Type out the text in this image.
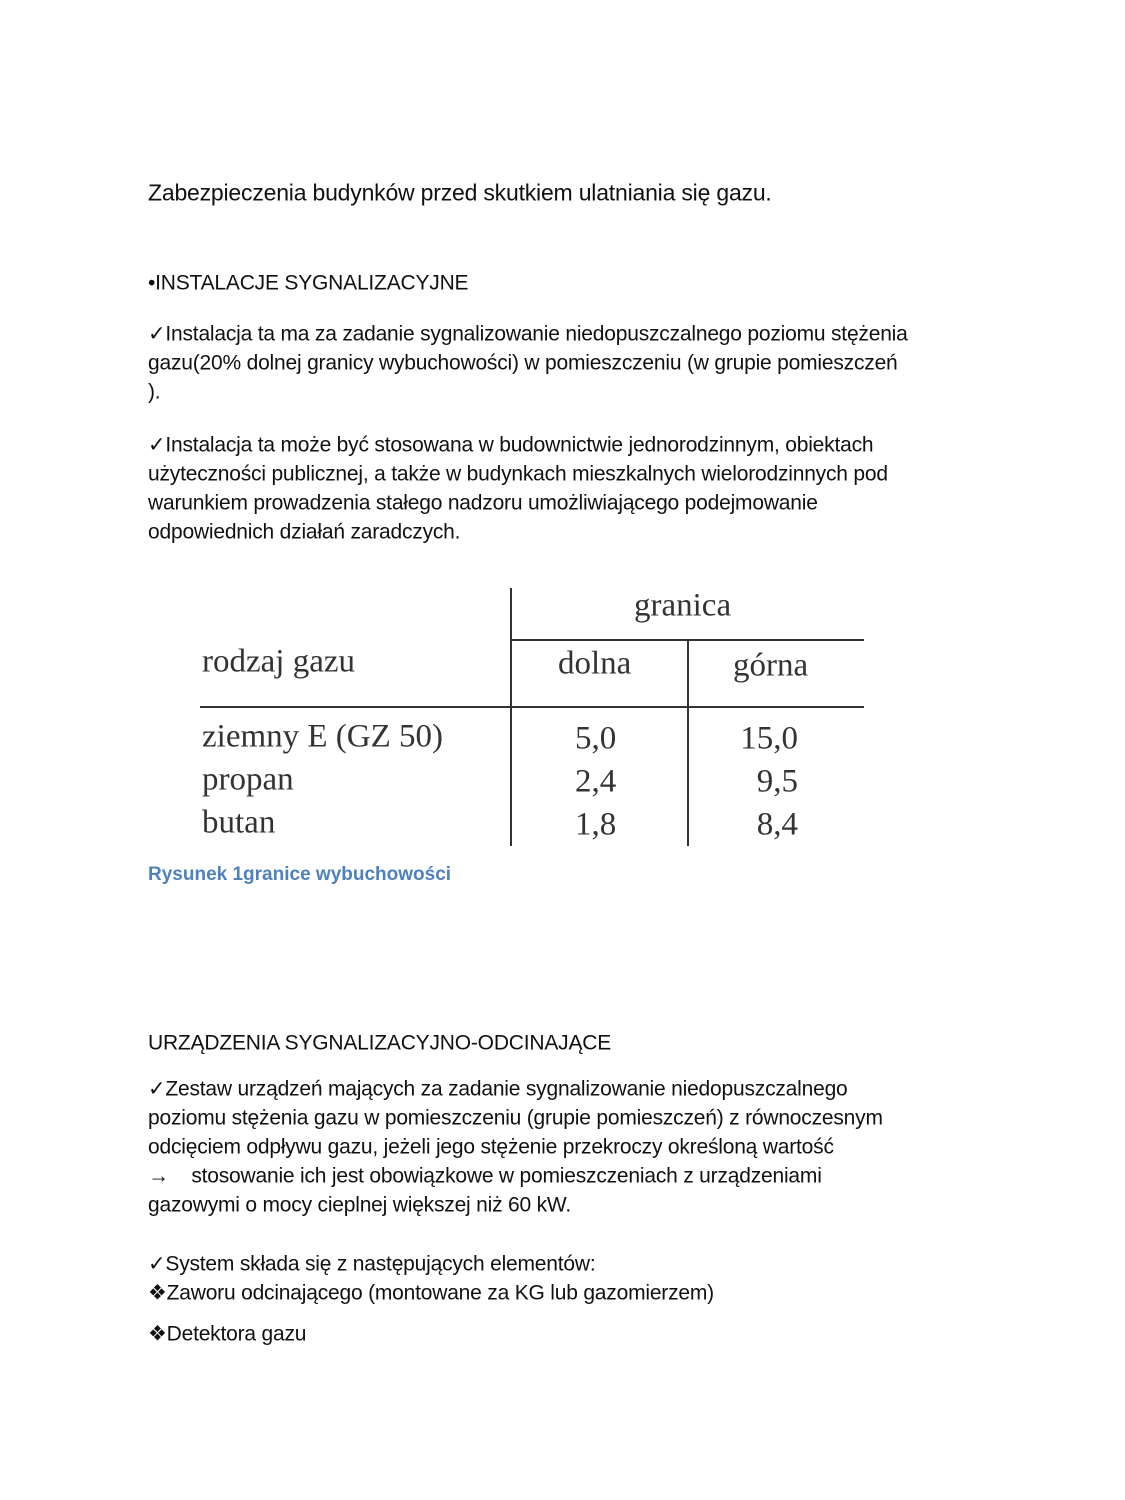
Zabezpieczenia budynków przed skutkiem ulatniania się gazu.
•INSTALACJE SYGNALIZACYJNE
✓Instalacja ta ma za zadanie sygnalizowanie niedopuszczalnego poziomu stężenia
gazu(20% dolnej granicy wybuchowości) w pomieszczeniu (w grupie pomieszczeń
).
✓Instalacja ta może być stosowana w budownictwie jednorodzinnym, obiektach
użyteczności publicznej, a także w budynkach mieszkalnych wielorodzinnych pod
warunkiem prowadzenia stałego nadzoru umożliwiającego podejmowanie
odpowiednich działań zaradczych.
granica
rodzaj gazu	dolna	górna
ziemny E (GZ 50)	5,0	15,0
propan	2,4	9,5
butan	1,8	8,4
Rysunek 1granice wybuchowości
URZĄDZENIA SYGNALIZACYJNO-ODCINAJĄCE
✓Zestaw urządzeń mających za zadanie sygnalizowanie niedopuszczalnego
poziomu stężenia gazu w pomieszczeniu (grupie pomieszczeń) z równoczesnym
odcięciem odpływu gazu, jeżeli jego stężenie przekroczy określoną wartość
→    stosowanie ich jest obowiązkowe w pomieszczeniach z urządzeniami
gazowymi o mocy cieplnej większej niż 60 kW.
✓System składa się z następujących elementów:
❖Zaworu odcinającego (montowane za KG lub gazomierzem)
❖Detektora gazu
